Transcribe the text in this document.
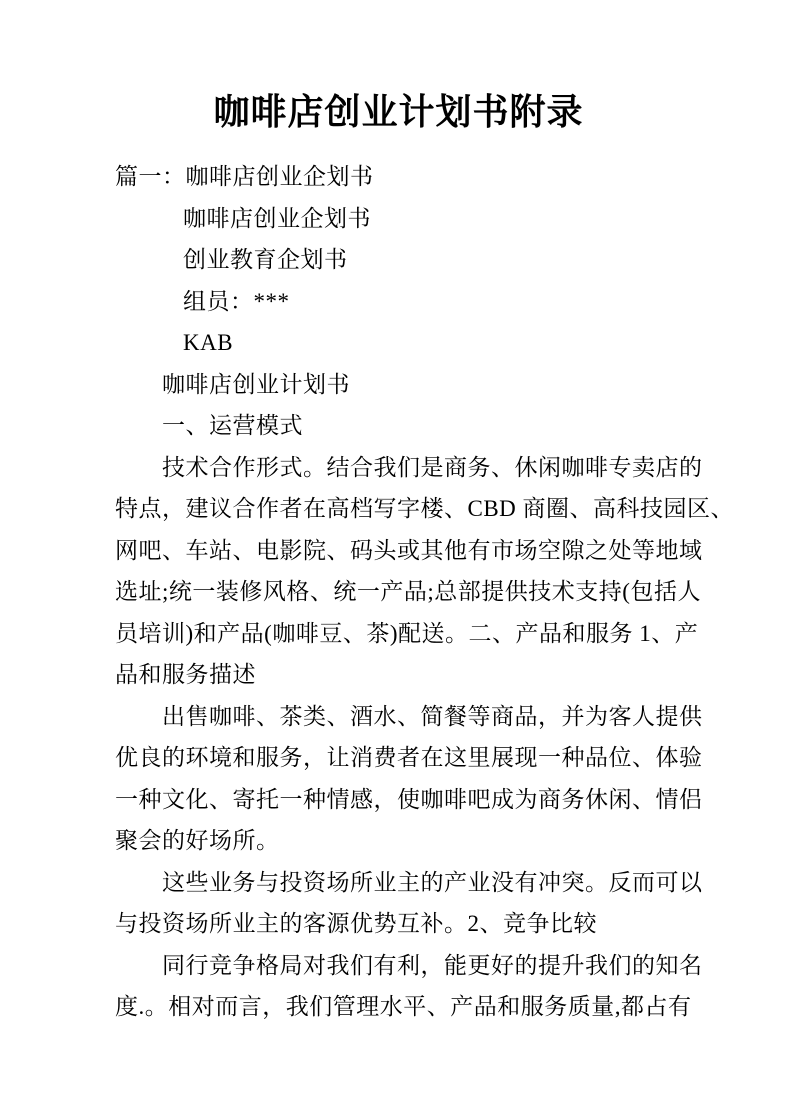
咖啡店创业计划书附录
篇一：咖啡店创业企划书
咖啡店创业企划书
创业教育企划书
组员：***
KAB
咖啡店创业计划书
一、运营模式
技术合作形式。结合我们是商务、休闲咖啡专卖店的
特点，建议合作者在高档写字楼、CBD 商圈、高科技园区、
网吧、车站、电影院、码头或其他有市场空隙之处等地域
选址;统一装修风格、统一产品;总部提供技术支持(包括人
员培训)和产品(咖啡豆、茶)配送。二、产品和服务 1、产
品和服务描述
出售咖啡、茶类、酒水、简餐等商品，并为客人提供
优良的环境和服务，让消费者在这里展现一种品位、体验
一种文化、寄托一种情感，使咖啡吧成为商务休闲、情侣
聚会的好场所。
这些业务与投资场所业主的产业没有冲突。反而可以
与投资场所业主的客源优势互补。2、竞争比较
同行竞争格局对我们有利，能更好的提升我们的知名
度.。相对而言，我们管理水平、产品和服务质量,都占有
